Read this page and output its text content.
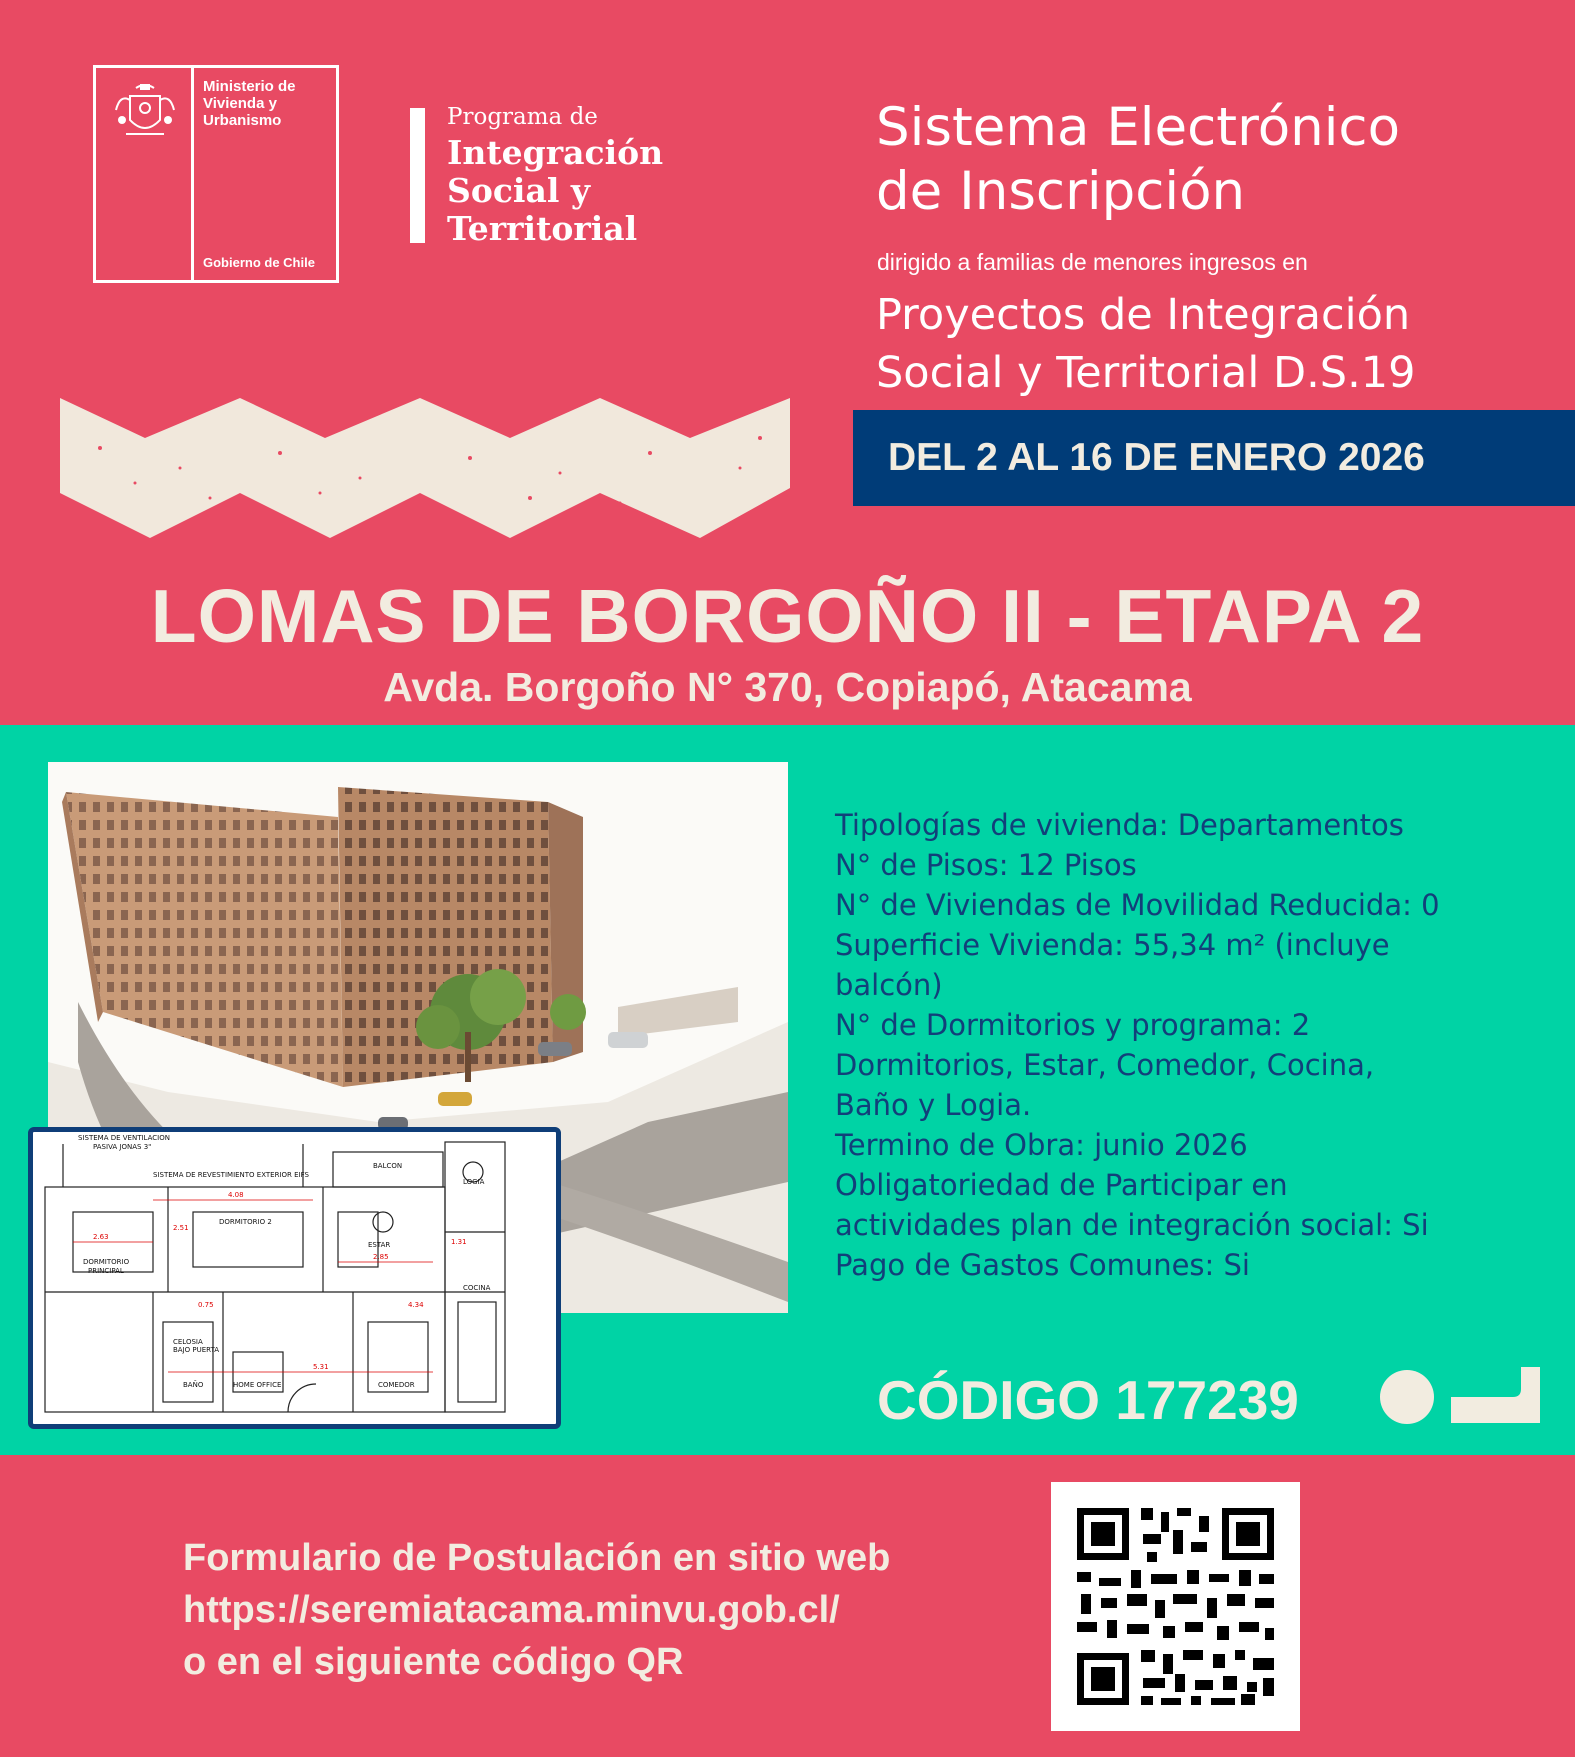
Ministerio de
Vivienda y
Urbanismo
Gobierno de Chile
Programa de
Integración
Social y
Territorial
Sistema Electrónico
de Inscripción
dirigido a familias de menores ingresos en
Proyectos de Integración
Social y Territorial D.S.19
DEL 2 AL 16 DE ENERO 2026
LOMAS DE BORGOÑO II - ETAPA 2
Avda. Borgoño N° 370, Copiapó, Atacama
SISTEMA DE VENTILACION
PASIVA JONAS 3"
SISTEMA DE REVESTIMIENTO EXTERIOR EIFS
BALCON
LOGIA
DORMITORIO 2
ESTAR
DORMITORIO
PRINCIPAL
COCINA
CELOSIA
BAJO PUERTA
BAÑO	HOME OFFICE	COMEDOR
4.08
2.63
2.85
5.31
4.34
1.31
2.51
0.75
Tipologías de vivienda: Departamentos
N° de Pisos: 12 Pisos
N° de Viviendas de Movilidad Reducida: 0
Superficie Vivienda: 55,34 m² (incluye
balcón)
N° de Dormitorios y programa: 2
Dormitorios, Estar, Comedor, Cocina,
Baño y Logia.
Termino de Obra: junio 2026
Obligatoriedad de Participar en
actividades plan de integración social: Si
Pago de Gastos Comunes: Si
CÓDIGO 177239
Formulario de Postulación en sitio web
https://seremiatacama.minvu.gob.cl/
o en el siguiente código QR
